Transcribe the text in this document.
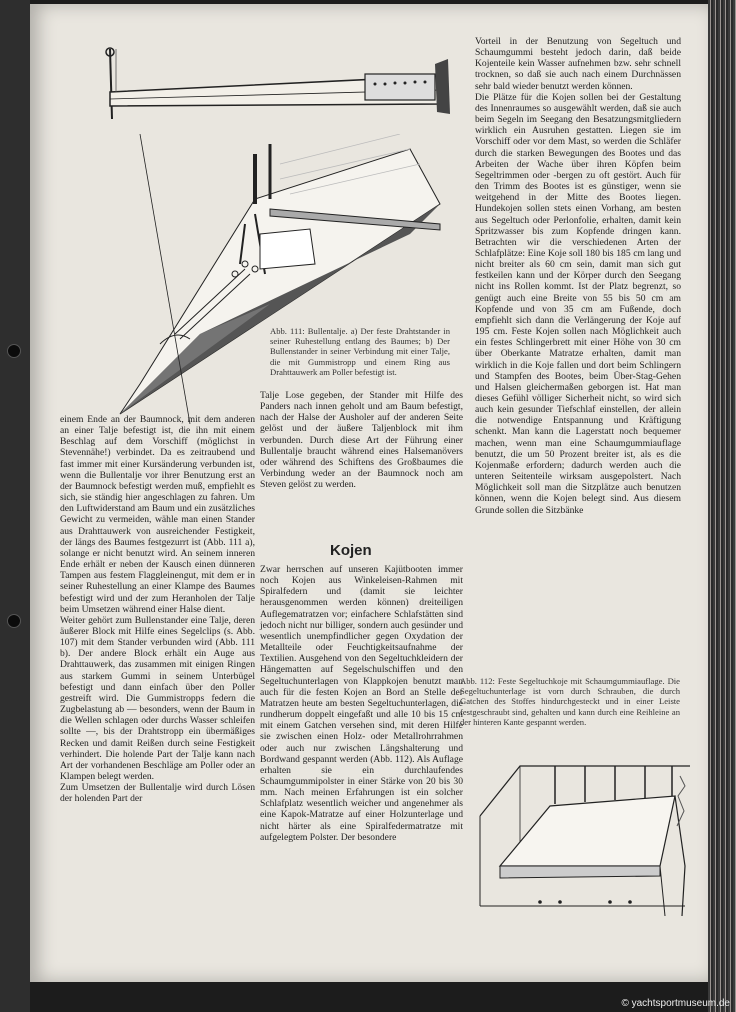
Abb. 111: Bullentalje. a) Der feste Drahtstander in seiner Ruhestellung entlang des Baumes; b) Der Bullenstander in seiner Verbindung mit einer Talje, die mit Gummistropp und einem Ring aus Drahttauwerk am Poller befestigt ist.

einem Ende an der Baumnock, mit dem anderen an einer Talje befestigt ist, die ihn mit einem Beschlag auf dem Vorschiff (möglichst in Stevennähe!) verbindet. Da es zeitraubend und fast immer mit einer Kursänderung verbunden ist, wenn die Bullentalje vor ihrer Benutzung erst an der Baumnock befestigt werden muß, empfiehlt es sich, sie ständig hier angeschlagen zu fahren. Um den Luftwiderstand am Baum und ein zusätzliches Gewicht zu vermeiden, wähle man einen Stander aus Drahttauwerk von ausreichender Festigkeit, der längs des Baumes festgezurrt ist (Abb. 111 a), solange er nicht benutzt wird. An seinem inneren Ende erhält er neben der Kausch einen dünneren Tampen aus festem Flaggleinengut, mit dem er in seiner Ruhestellung an einer Klampe des Baumes befestigt wird und der zum Heranholen der Talje beim Umsetzen während einer Halse dient.

Weiter gehört zum Bullenstander eine Talje, deren äußerer Block mit Hilfe eines Segelclips (s. Abb. 107) mit dem Stander verbunden wird (Abb. 111 b). Der andere Block erhält ein Auge aus Drahttauwerk, das zusammen mit einigen Ringen aus starkem Gummi in seinem Unterbügel befestigt und dann einfach über den Poller gestreift wird. Die Gummistropps federn die Zugbelastung ab — besonders, wenn der Baum in die Wellen schlagen oder durchs Wasser schleifen sollte —, bis der Drahtstropp ein übermäßiges Recken und damit Reißen durch seine Festigkeit verhindert. Die holende Part der Talje kann nach Art der vorhandenen Beschläge am Poller oder an Klampen belegt werden.

Zum Umsetzen der Bullentalje wird durch Lösen der holenden Part der

Talje Lose gegeben, der Stander mit Hilfe des Panders nach innen geholt und am Baum befestigt, nach der Halse der Ausholer auf der anderen Seite gelöst und der äußere Taljenblock mit ihm verbunden. Durch diese Art der Führung einer Bullentalje braucht während eines Halsemanövers oder während des Schiftens des Großbaumes die Verbindung weder an der Baumnock noch am Steven gelöst zu werden.

Kojen

Zwar herrschen auf unseren Kajütbooten immer noch Kojen aus Winkeleisen-Rahmen mit Spiralfedern und (damit sie leichter herausgenommen werden können) dreiteiligen Auflegematratzen vor; einfachere Schlafstätten sind jedoch nicht nur billiger, sondern auch gesünder und wesentlich unempfindlicher gegen Oxydation der Metallteile oder Feuchtigkeitsaufnahme der Textilien. Ausgehend von den Segeltuchkleidern der Hängematten auf Segelschulschiffen und den Segeltuchunterlagen von Klappkojen benutzt man auch für die festen Kojen an Bord an Stelle der Matratzen heute am besten Segeltuchunterlagen, die rundherum doppelt eingefaßt und alle 10 bis 15 cm mit einem Gatchen versehen sind, mit deren Hilfe sie zwischen einen Holz- oder Metallrohrrahmen oder auch nur zwischen Längshalterung und Bordwand gespannt werden (Abb. 112). Als Auflage erhalten sie ein durchlaufendes Schaumgummipolster in einer Stärke von 20 bis 30 mm. Nach meinen Erfahrungen ist ein solcher Schlafplatz wesentlich weicher und angenehmer als eine Kapok-Matratze auf einer Holzunterlage und nicht härter als eine Spiralfedermatratze mit aufgelegtem Polster. Der besondere

Vorteil in der Benutzung von Segeltuch und Schaumgummi besteht jedoch darin, daß beide Kojenteile kein Wasser aufnehmen bzw. sehr schnell trocknen, so daß sie auch nach einem Durchnässen sehr bald wieder benutzt werden können.

Die Plätze für die Kojen sollen bei der Gestaltung des Innenraumes so ausgewählt werden, daß sie auch beim Segeln im Seegang den Besatzungsmitgliedern wirklich ein Ausruhen gestatten. Liegen sie im Vorschiff oder vor dem Mast, so werden die Schläfer durch die starken Bewegungen des Bootes und das Arbeiten der Wache über ihren Köpfen beim Segeltrimmen oder -bergen zu oft gestört. Auch für den Trimm des Bootes ist es günstiger, wenn sie weitgehend in der Mitte des Bootes liegen. Hundekojen sollen stets einen Vorhang, am besten aus Segeltuch oder Perlonfolie, erhalten, damit kein Spritzwasser bis zum Kopfende dringen kann. Betrachten wir die verschiedenen Arten der Schlafplätze: Eine Koje soll 180 bis 185 cm lang und nicht breiter als 60 cm sein, damit man sich gut festkeilen kann und der Körper durch den Seegang nicht ins Rollen kommt. Ist der Platz begrenzt, so genügt auch eine Breite von 55 bis 50 cm am Kopfende und von 35 cm am Fußende, doch empfiehlt sich dann die Verlängerung der Koje auf 195 cm. Feste Kojen sollen nach Möglichkeit auch ein festes Schlingerbrett mit einer Höhe von 30 cm über Oberkante Matratze erhalten, damit man wirklich in die Koje fallen und dort beim Schlingern und Stampfen des Bootes, beim Über-Stag-Gehen und Halsen gleichermaßen geborgen ist. Hat man dieses Gefühl völliger Sicherheit nicht, so wird sich auch kein gesunder Tiefschlaf einstellen, der allein die notwendige Entspannung und Kräftigung schenkt. Man kann die Lagerstatt noch bequemer machen, wenn man eine Schaumgummiauflage benutzt, die um 50 Prozent breiter ist, als es die Kojenmaße erfordern; dadurch werden auch die unteren Seitenteile wirksam ausgepolstert. Nach Möglichkeit soll man die Sitzplätze auch benutzen können, wenn die Kojen belegt sind. Aus diesem Grunde sollen die Sitzbänke

Abb. 112: Feste Segeltuchkoje mit Schaumgummiauflage. Die Segeltuchunterlage ist vorn durch Schrauben, die durch Gatchen des Stoffes hindurchgesteckt und in einer Leiste festgeschraubt sind, gehalten und kann durch eine Reihleine an der hinteren Kante gespannt werden.
© yachtsportmuseum.de
